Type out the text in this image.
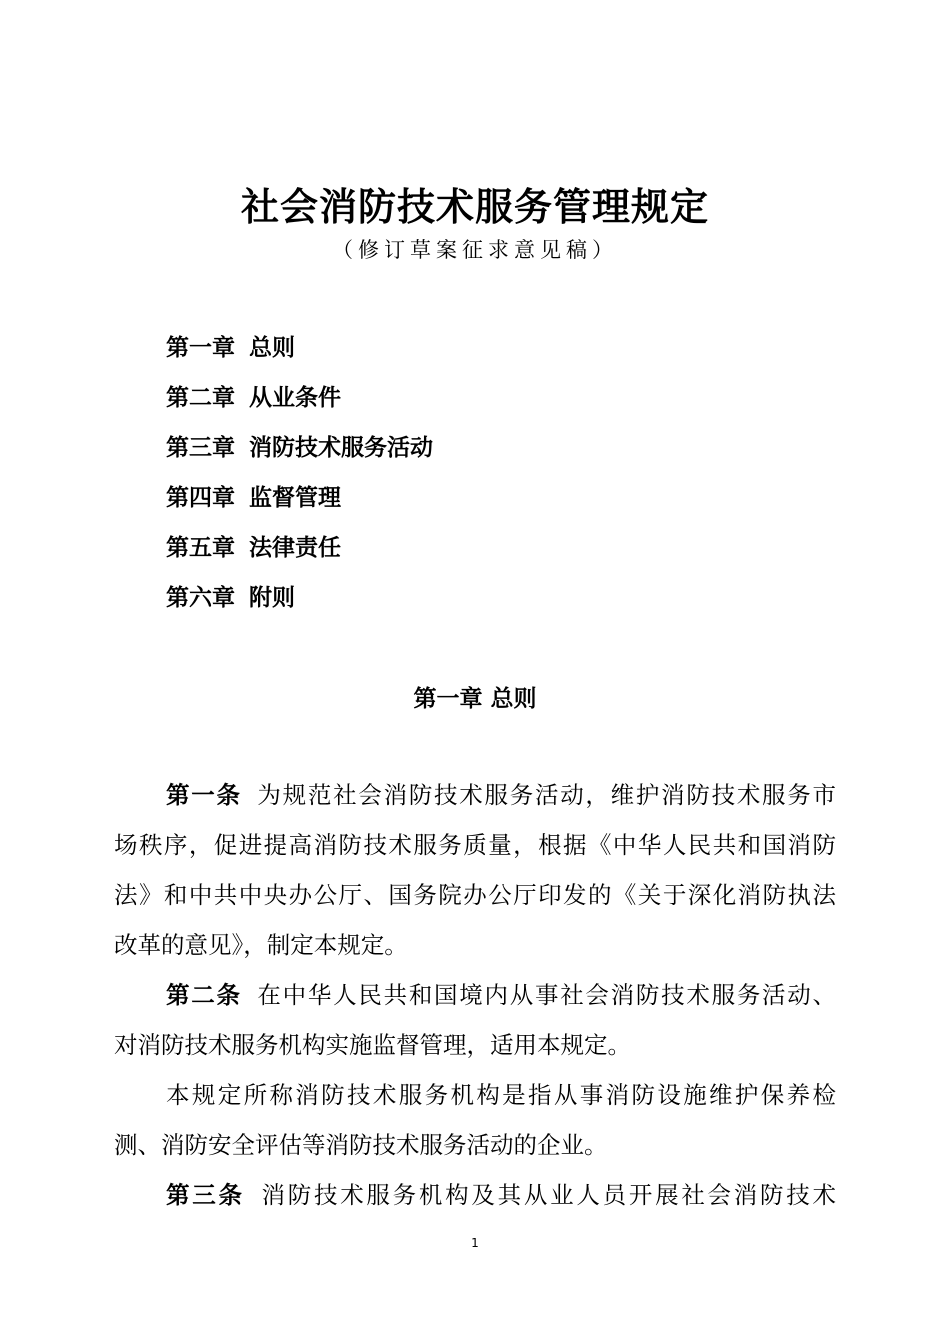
社会消防技术服务管理规定

（修订草案征求意见稿）

第一章 总则
第二章 从业条件
第三章 消防技术服务活动
第四章 监督管理
第五章 法律责任
第六章 附则
第一章 总则
第一条 为规范社会消防技术服务活动，维护消防技术服务市
场秩序，促进提高消防技术服务质量，根据《中华人民共和国消防
法》和中共中央办公厅、国务院办公厅印发的《关于深化消防执法
改革的意见》，制定本规定。
第二条 在中华人民共和国境内从事社会消防技术服务活动、
对消防技术服务机构实施监督管理，适用本规定。
本规定所称消防技术服务机构是指从事消防设施维护保养检
测、消防安全评估等消防技术服务活动的企业。
第三条 消防技术服务机构及其从业人员开展社会消防技术
1
